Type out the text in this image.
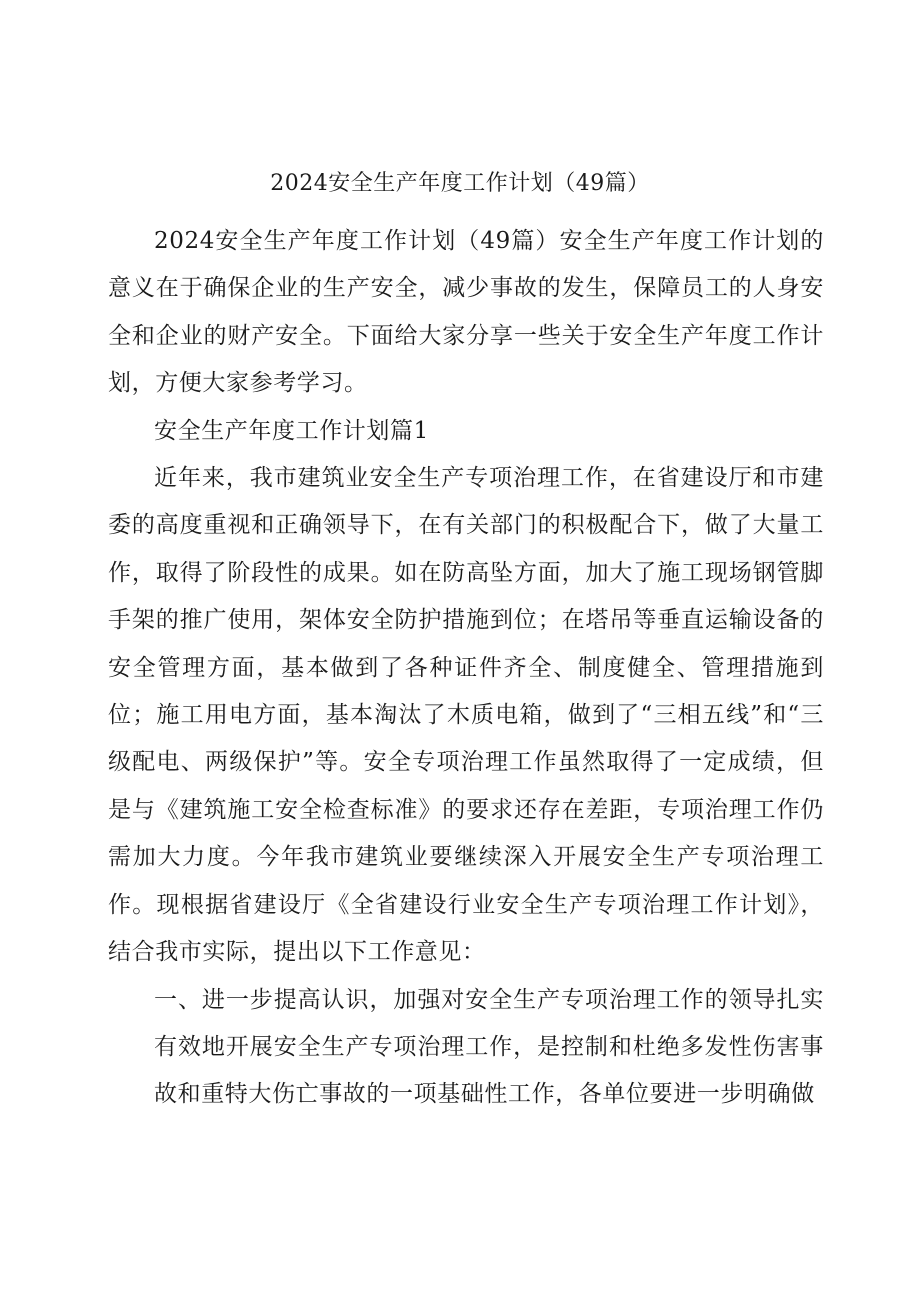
2024安全生产年度工作计划（49篇）

2024安全生产年度工作计划（49篇）安全生产年度工作计划的意义在于确保企业的生产安全，减少事故的发生，保障员工的人身安全和企业的财产安全。下面给大家分享一些关于安全生产年度工作计划，方便大家参考学习。

安全生产年度工作计划篇1

近年来，我市建筑业安全生产专项治理工作，在省建设厅和市建委的高度重视和正确领导下，在有关部门的积极配合下，做了大量工作，取得了阶段性的成果。如在防高坠方面，加大了施工现场钢管脚手架的推广使用，架体安全防护措施到位；在塔吊等垂直运输设备的安全管理方面，基本做到了各种证件齐全、制度健全、管理措施到位；施工用电方面，基本淘汰了木质电箱，做到了“三相五线”和“三级配电、两级保护”等。安全专项治理工作虽然取得了一定成绩，但是与《建筑施工安全检查标准》的要求还存在差距，专项治理工作仍需加大力度。今年我市建筑业要继续深入开展安全生产专项治理工作。现根据省建设厅《全省建设行业安全生产专项治理工作计划》，结合我市实际，提出以下工作意见：

一、进一步提高认识，加强对安全生产专项治理工作的领导扎实有效地开展安全生产专项治理工作，是控制和杜绝多发性伤害事故和重特大伤亡事故的一项基础性工作，各单位要进一步明确做
